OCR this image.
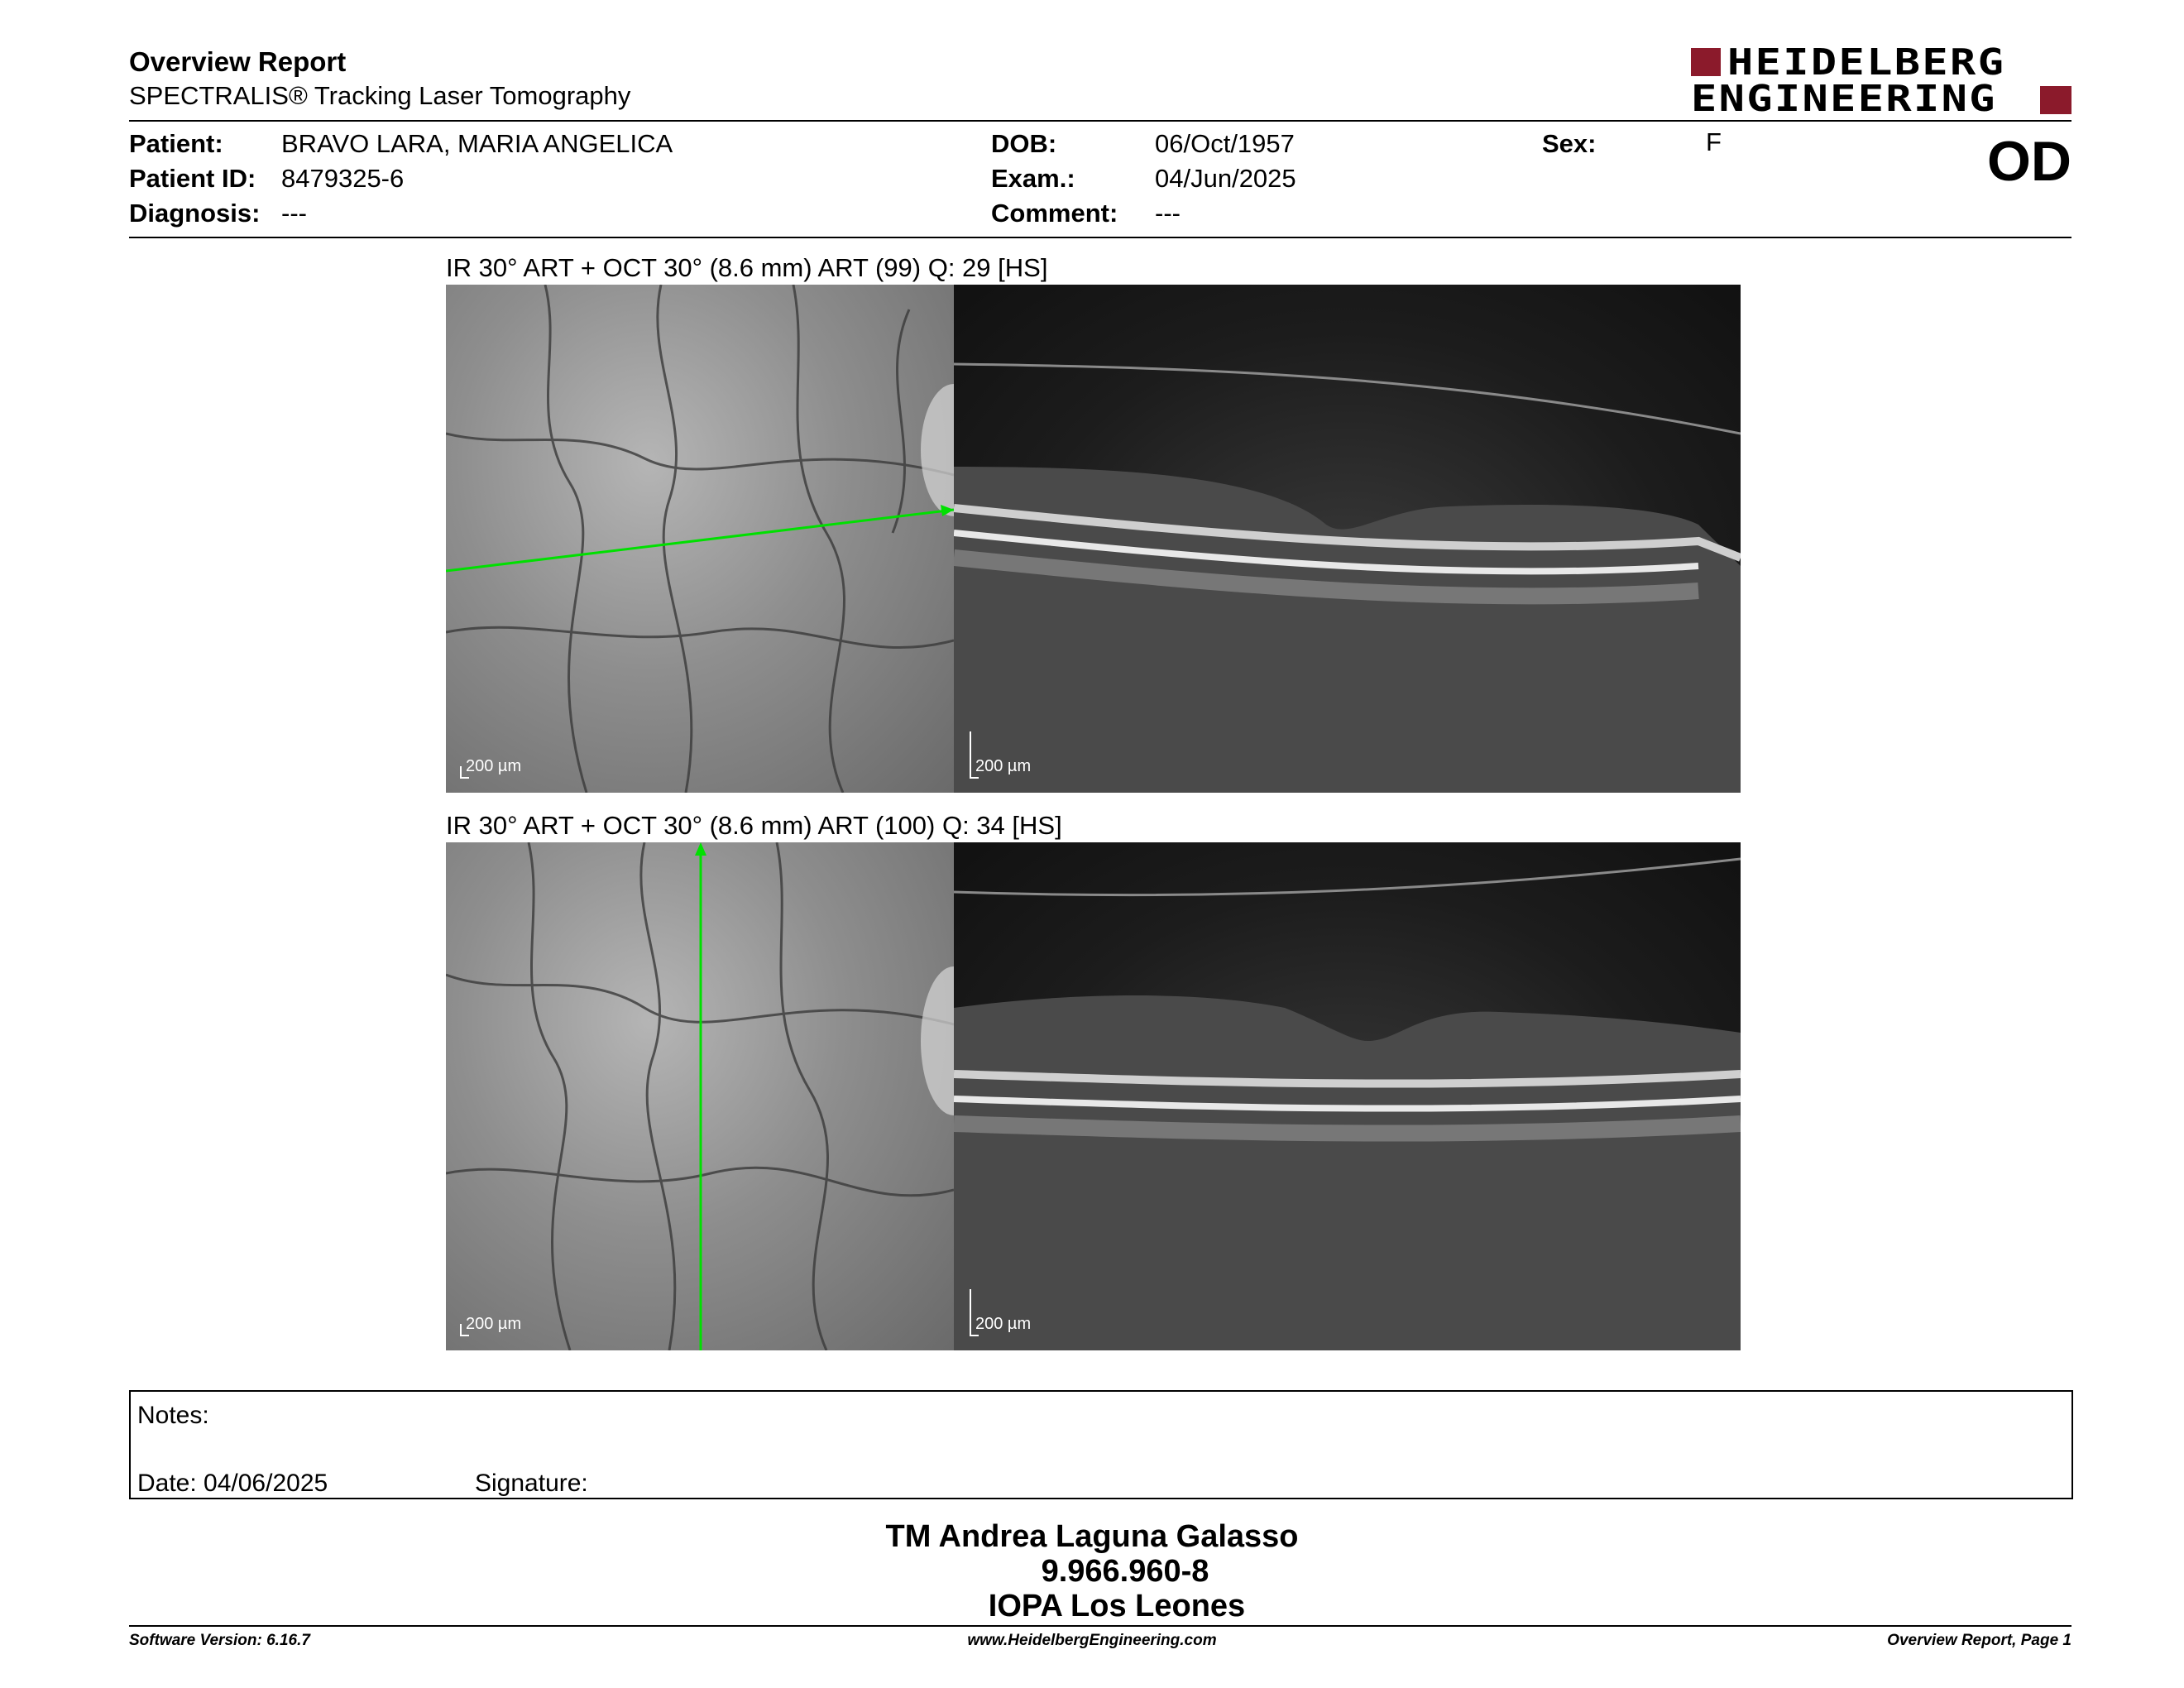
Overview Report
SPECTRALIS® Tracking Laser Tomography
HEIDELBERG
ENGINEERING
Patient: BRAVO LARA, MARIA ANGELICA
Patient ID: 8479325-6
Diagnosis: ---
DOB:	06/Oct/1957
Exam.:	04/Jun/2025
Comment: ---
Sex:	F	OD
IR 30° ART + OCT 30° (8.6 mm) ART (99) Q: 29 [HS]
200 µm	200 µm
IR 30° ART + OCT 30° (8.6 mm) ART (100) Q: 34 [HS]
200 µm	200 µm
Notes:
Date: 04/06/2025	Signature:
TM Andrea Laguna Galasso
9.966.960-8
IOPA Los Leones
Software Version: 6.16.7	www.HeidelbergEngineering.com	Overview Report, Page 1
